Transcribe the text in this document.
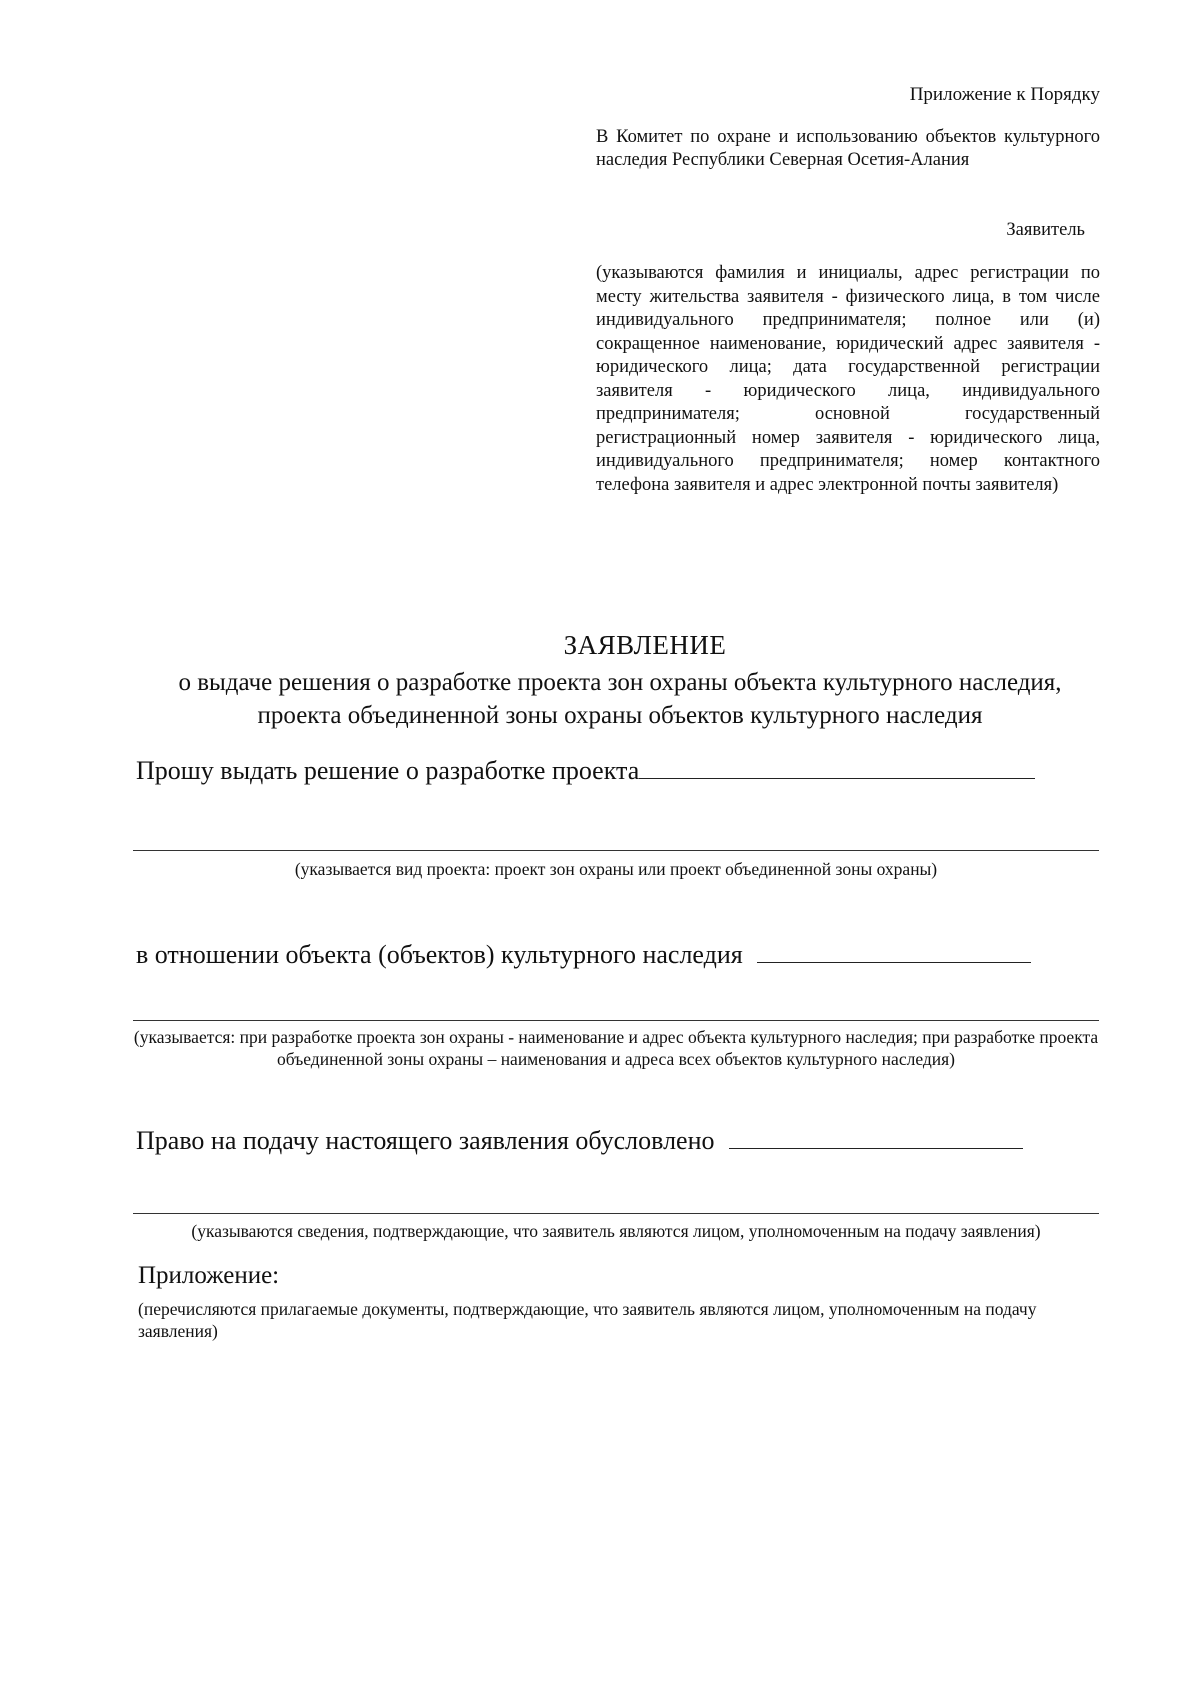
Приложение к Порядку
В Комитет по охране и использованию объектов культурного наследия Республики Северная Осетия-Алания
Заявитель
(указываются фамилия и инициалы, адрес регистрации по месту жительства заявителя - физического лица, в том числе индивидуального предпринимателя; полное или (и) сокращенное наименование, юридический адрес заявителя - юридического лица; дата государственной регистрации заявителя - юридического лица, индивидуального предпринимателя; основной государственный регистрационный номер заявителя - юридического лица, индивидуального предпринимателя; номер контактного телефона заявителя и адрес электронной почты заявителя)
ЗАЯВЛЕНИЕ
о выдаче решения о разработке проекта зон охраны объекта культурного наследия, проекта объединенной зоны охраны объектов культурного наследия
Прошу выдать решение о разработке проекта
(указывается вид проекта: проект зон охраны или проект объединенной зоны охраны)
в отношении объекта (объектов) культурного наследия
(указывается: при разработке проекта зон охраны - наименование и адрес объекта культурного наследия; при разработке проекта объединенной зоны охраны – наименования и адреса всех объектов культурного наследия)
Право на подачу настоящего заявления обусловлено
(указываются сведения, подтверждающие, что заявитель являются лицом, уполномоченным на подачу заявления)
Приложение:
(перечисляются прилагаемые документы, подтверждающие, что заявитель являются лицом, уполномоченным на подачу заявления)
